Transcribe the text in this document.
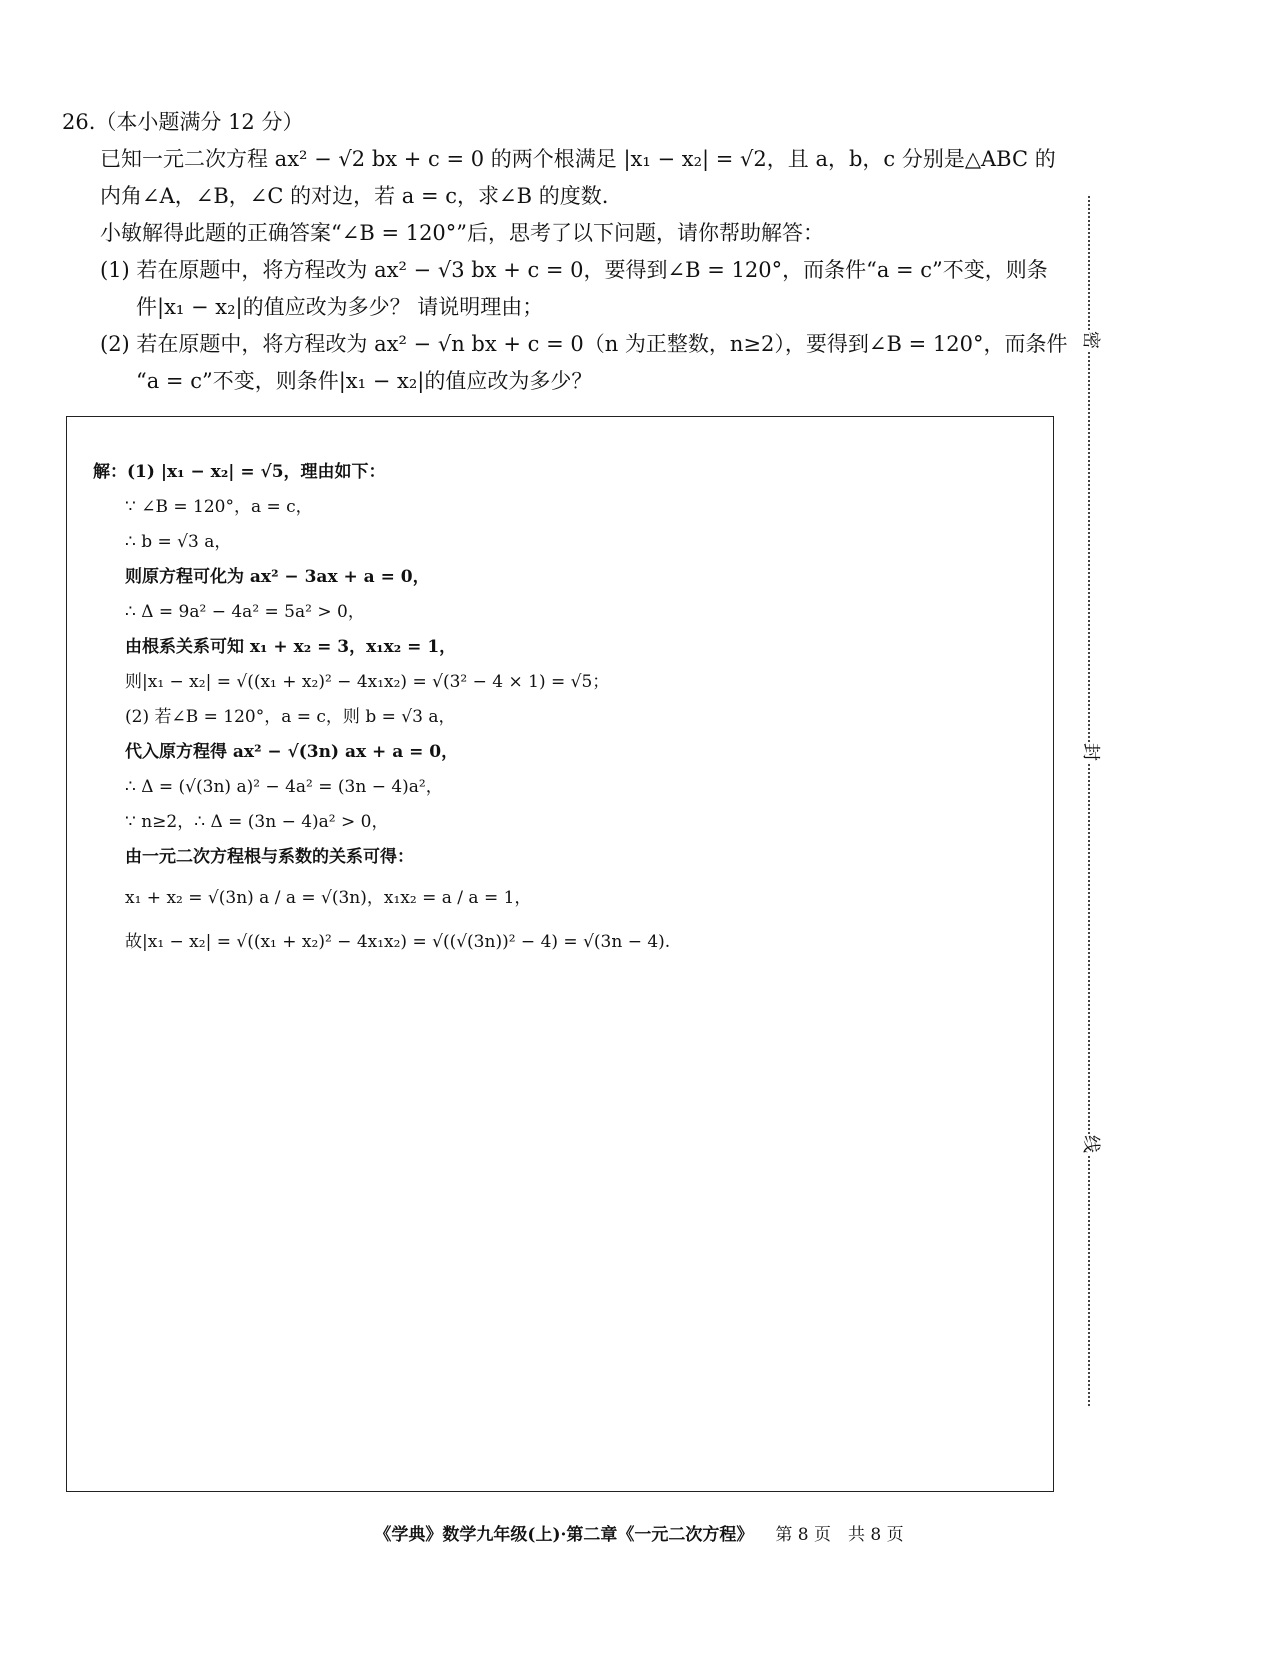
26.（本小题满分 12 分）
已知一元二次方程 ax² − √2 bx + c = 0 的两个根满足 |x₁ − x₂| = √2，且 a，b，c 分别是△ABC 的
内角∠A，∠B，∠C 的对边，若 a = c，求∠B 的度数.
小敏解得此题的正确答案“∠B = 120°”后，思考了以下问题，请你帮助解答：
(1) 若在原题中，将方程改为 ax² − √3 bx + c = 0，要得到∠B = 120°，而条件“a = c”不变，则条
件|x₁ − x₂|的值应改为多少？ 请说明理由；
(2) 若在原题中，将方程改为 ax² − √n bx + c = 0（n 为正整数，n≥2），要得到∠B = 120°，而条件
“a = c”不变，则条件|x₁ − x₂|的值应改为多少？
解：(1) |x₁ − x₂| = √5，理由如下：
∵ ∠B = 120°，a = c，
∴ b = √3 a，
则原方程可化为 ax² − 3ax + a = 0，
∴ Δ = 9a² − 4a² = 5a² > 0，
由根系关系可知 x₁ + x₂ = 3，x₁x₂ = 1，
则|x₁ − x₂| = √((x₁ + x₂)² − 4x₁x₂) = √(3² − 4 × 1) = √5；
(2) 若∠B = 120°，a = c，则 b = √3 a，
代入原方程得 ax² − √(3n) ax + a = 0，
∴ Δ = (√(3n) a)² − 4a² = (3n − 4)a²，
∵ n≥2，∴ Δ = (3n − 4)a² > 0，
由一元二次方程根与系数的关系可得：
x₁ + x₂ = √(3n) a / a = √(3n)，x₁x₂ = a / a = 1，
故|x₁ − x₂| = √((x₁ + x₂)² − 4x₁x₂) = √((√(3n))² − 4) = √(3n − 4).
密
封
线
《学典》数学九年级(上)·第二章《一元二次方程》 第 8 页　共 8 页
